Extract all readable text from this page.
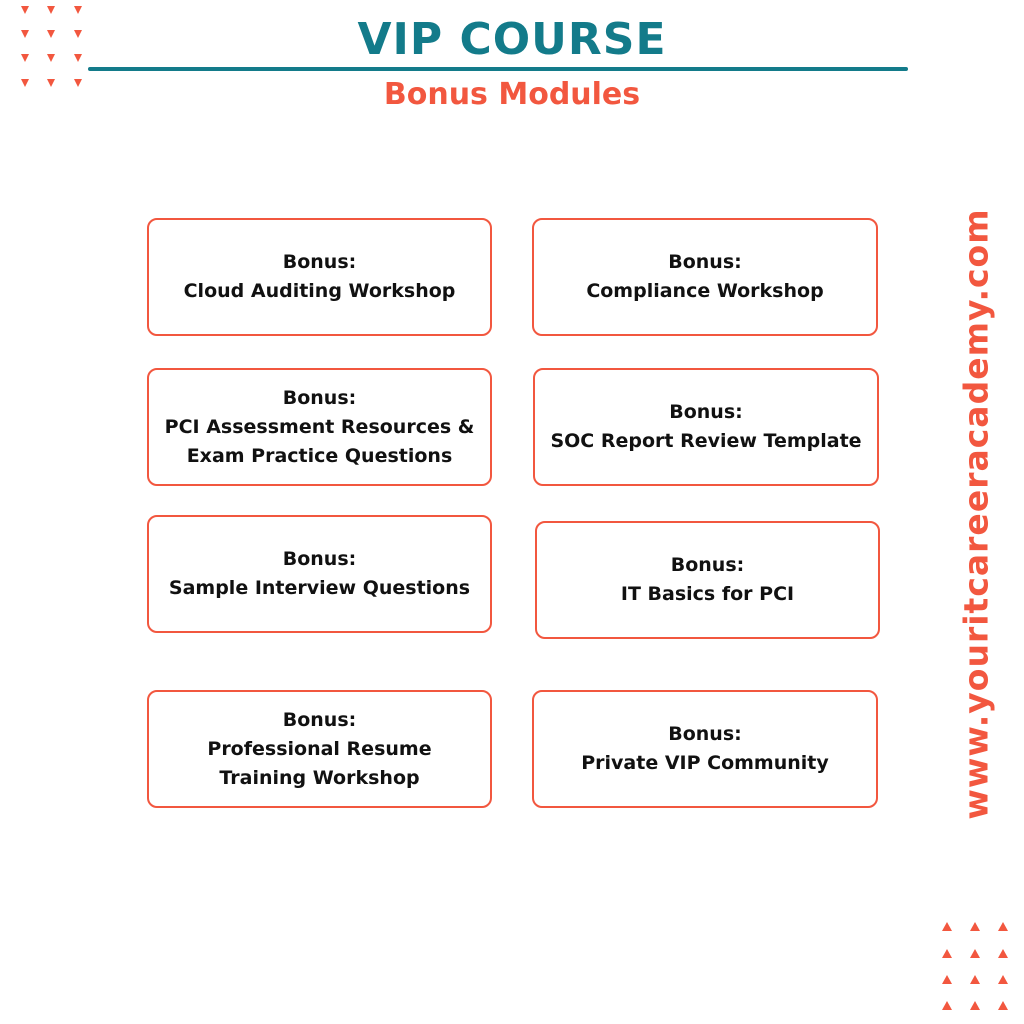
VIP COURSE
Bonus Modules
Bonus:
Cloud Auditing Workshop
Bonus:
Compliance Workshop
Bonus:
PCI Assessment Resources &
Exam Practice Questions
Bonus:
SOC Report Review Template
Bonus:
Sample Interview Questions
Bonus:
IT Basics for PCI
Bonus:
Professional Resume
Training Workshop
Bonus:
Private VIP Community	www.youritcareeracademy.com
